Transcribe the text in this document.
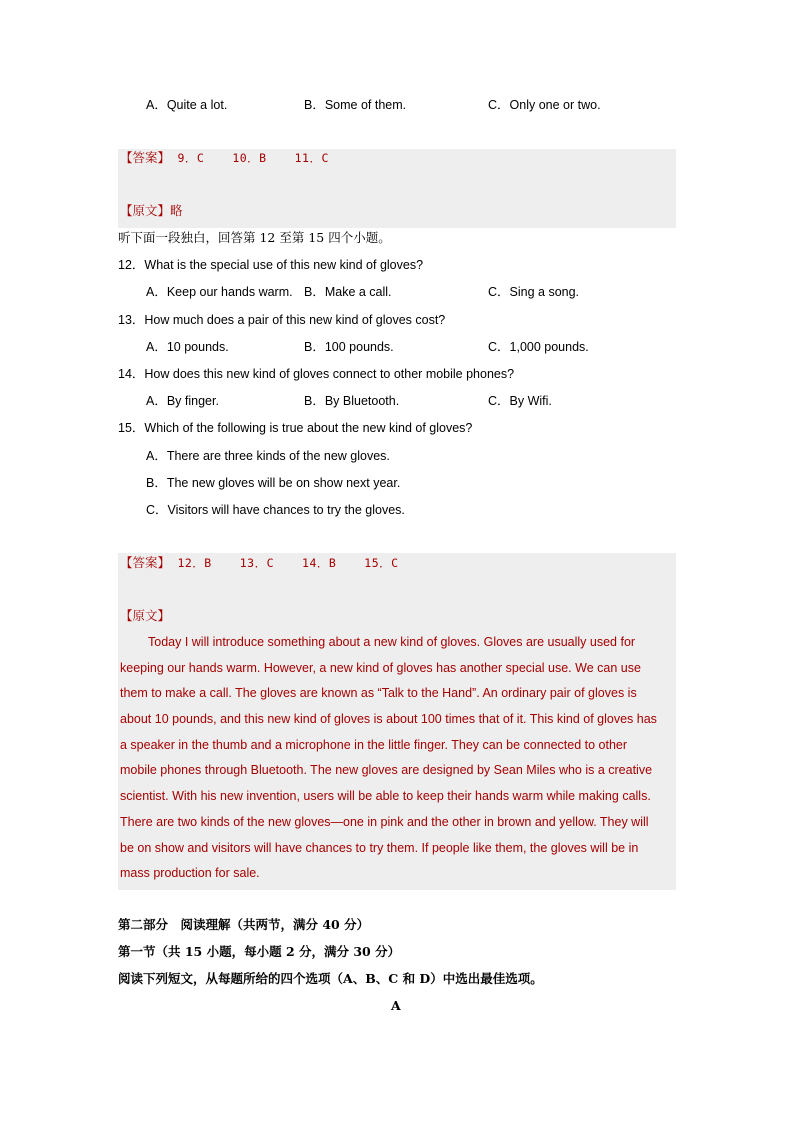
A．Quite a lot.	B．Some of them.	C．Only one or two.
【答案】 9．C 10．B 11．C
【原文】略
听下面一段独白，回答第 12 至第 15 四个小题。
12．What is the special use of this new kind of gloves?
A．Keep our hands warm. B．Make a call.	C．Sing a song.
13．How much does a pair of this new kind of gloves cost?
A．10 pounds.	B．100 pounds.	C．1,000 pounds.
14．How does this new kind of gloves connect to other mobile phones?
A．By finger.	B．By Bluetooth.	C．By Wifi.
15．Which of the following is true about the new kind of gloves?
A．There are three kinds of the new gloves.
B．The new gloves will be on show next year.
C．Visitors will have chances to try the gloves.
【答案】 12．B 13．C 14．B 15．C
【原文】
Today I will introduce something about a new kind of gloves. Gloves are usually used for
keeping our hands warm. However, a new kind of gloves has another special use. We can use
them to make a call. The gloves are known as “Talk to the Hand”. An ordinary pair of gloves is
about 10 pounds, and this new kind of gloves is about 100 times that of it. This kind of gloves has
a speaker in the thumb and a microphone in the little finger. They can be connected to other
mobile phones through Bluetooth. The new gloves are designed by Sean Miles who is a creative
scientist. With his new invention, users will be able to keep their hands warm while making calls.
There are two kinds of the new gloves—one in pink and the other in brown and yellow. They will
be on show and visitors will have chances to try them. If people like them, the gloves will be in
mass production for sale.
第二部分　阅读理解（共两节，满分 40 分）
第一节（共 15 小题，每小题 2 分，满分 30 分）
阅读下列短文，从每题所给的四个选项（A、B、C 和 D）中选出最佳选项。
A
